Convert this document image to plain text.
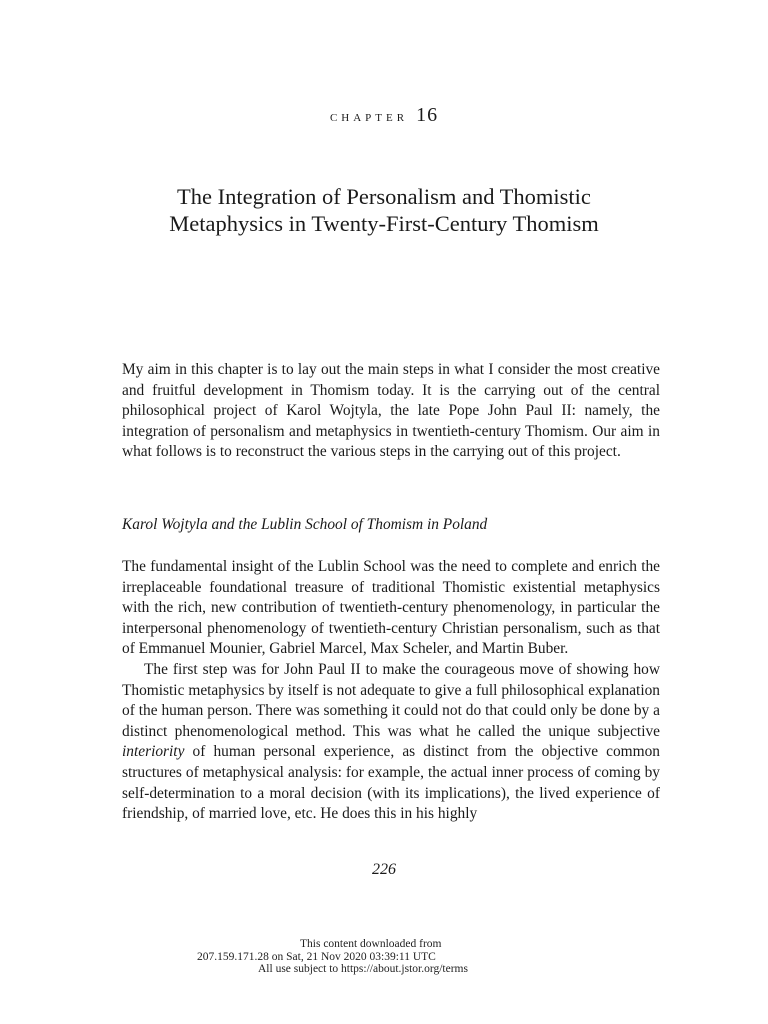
chapter 16
The Integration of Personalism and Thomistic
Metaphysics in Twenty-First-Century Thomism

My aim in this chapter is to lay out the main steps in what I consider the most creative and fruitful development in Thomism today. It is the carrying out of the central philosophical project of Karol Wojtyla, the late Pope John Paul II: namely, the integration of personalism and metaphysics in twentieth-century Thomism. Our aim in what follows is to reconstruct the various steps in the carrying out of this project.

Karol Wojtyla and the Lublin School of Thomism in Poland

The fundamental insight of the Lublin School was the need to complete and enrich the irreplaceable foundational treasure of traditional Thomistic existential metaphysics with the rich, new contribution of twentieth-century phenomenology, in particular the interpersonal phenomenology of twentieth-century Christian personalism, such as that of Emmanuel Mounier, Gabriel Marcel, Max Scheler, and Martin Buber.

The first step was for John Paul II to make the courageous move of showing how Thomistic metaphysics by itself is not adequate to give a full philosophical explanation of the human person. There was something it could not do that could only be done by a distinct phenomenological method. This was what he called the unique subjective interiority of human personal experience, as distinct from the objective common structures of metaphysical analysis: for example, the actual inner process of coming by self-determination to a moral decision (with its implications), the lived experience of friendship, of married love, etc. He does this in his highly

226
This content downloaded from
207.159.171.28 on Sat, 21 Nov 2020 03:39:11 UTC
All use subject to https://about.jstor.org/terms
